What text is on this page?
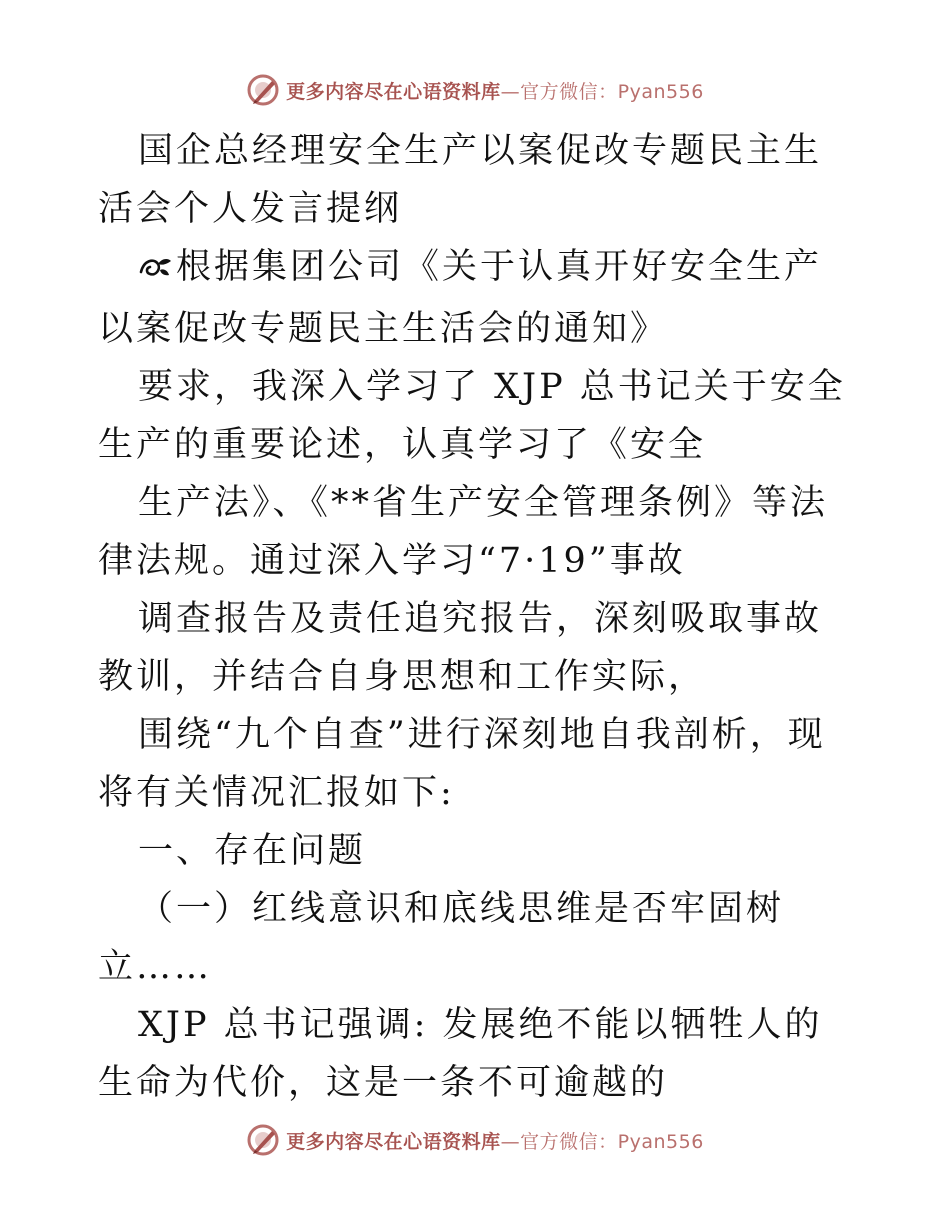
更多内容尽在心语资料库—官方微信：Pyan556

国企总经理安全生产以案促改专题民主生活会个人发言提纲

根据集团公司《关于认真开好安全生产以案促改专题民主生活会的通知》

要求，我深入学习了 XJP 总书记关于安全生产的重要论述，认真学习了《安全

生产法》、《**省生产安全管理条例》等法律法规。通过深入学习“7·19”事故

调查报告及责任追究报告，深刻吸取事故教训，并结合自身思想和工作实际，

围绕“九个自查”进行深刻地自我剖析，现将有关情况汇报如下:

一、存在问题

（一）红线意识和底线思维是否牢固树立……

XJP 总书记强调: 发展绝不能以牺牲人的生命为代价，这是一条不可逾越的

更多内容尽在心语资料库—官方微信：Pyan556
